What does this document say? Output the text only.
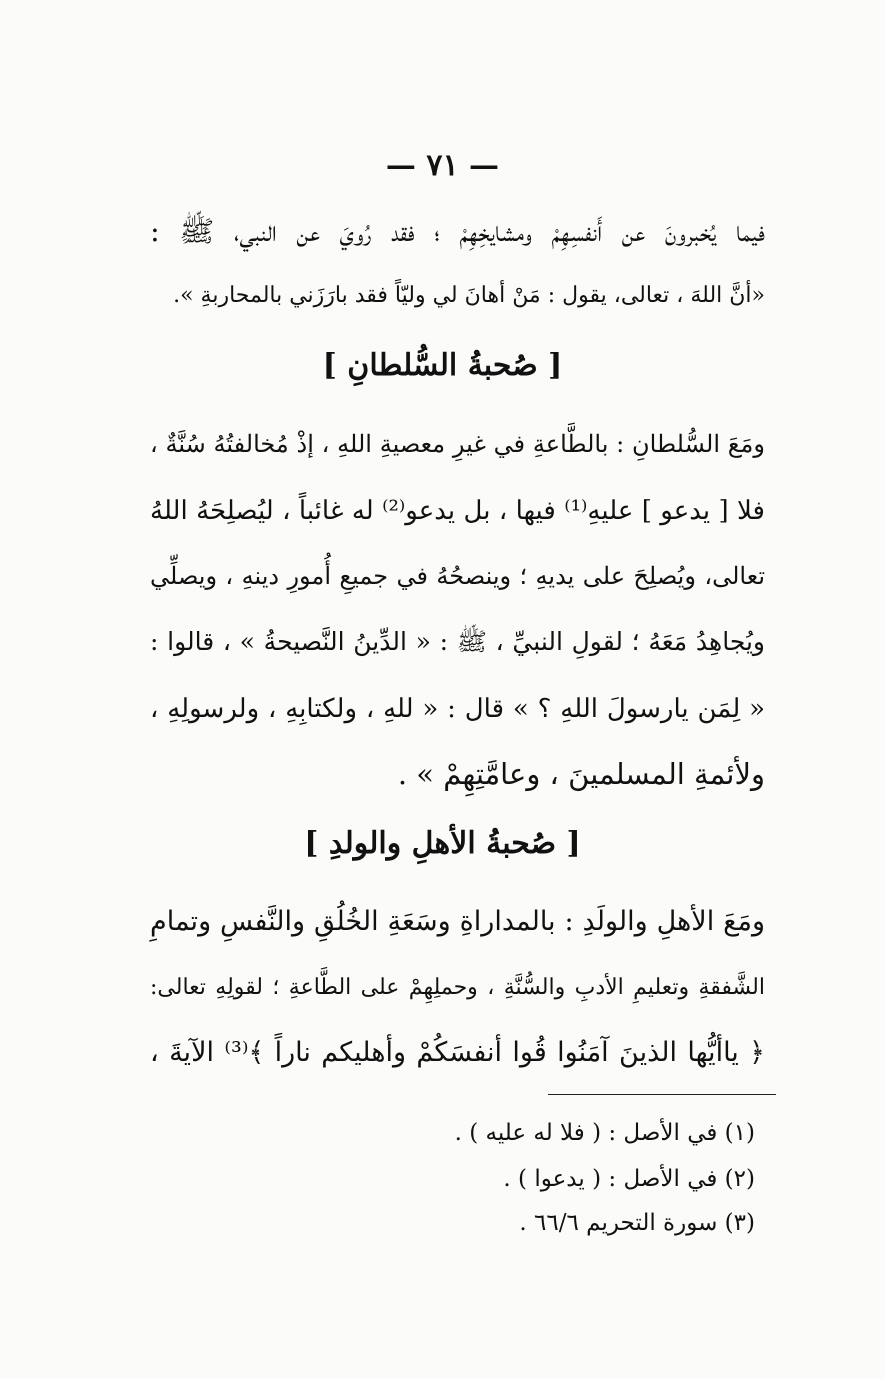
— ٧١ —
فيما يُخبرونَ عن أَنفسِهِمْ ومشايخِهِمْ ؛ فقد رُويَ عن النبي، ﷺ :
«أنَّ اللهَ ، تعالى، يقول : مَنْ أهانَ لي وليّاً فقد بارَزَني بالمحاربةِ ».
[ صُحبةُ السُّلطانِ ]
ومَعَ السُّلطانِ : بالطَّاعةِ في غيرِ معصيةِ اللهِ ، إذْ مُخالفتُهُ سُنَّةٌ ،
فلا [ يدعو ] عليهِ⁽¹⁾ فيها ، بل يدعو⁽²⁾ له غائباً ، ليُصلِحَهُ اللهُ
تعالى، ويُصلِحَ على يديهِ ؛ وينصحُهُ في جميعِ أُمورِ دينهِ ، ويصلِّي
ويُجاهِدُ مَعَهُ ؛ لقولِ النبيِّ ، ﷺ : « الدِّينُ النَّصيحةُ » ، قالوا :
« لِمَن يارسولَ اللهِ ؟ » قال : « للهِ ، ولكتابِهِ ، ولرسولِهِ ،
ولأئمةِ المسلمينَ ، وعامَّتِهِمْ » .
[ صُحبةُ الأهلِ والولدِ ]
ومَعَ الأهلِ والولَدِ : بالمداراةِ وسَعَةِ الخُلُقِ والنَّفسِ وتمامِ
الشَّفقةِ وتعليمِ الأدبِ والسُّنَّةِ ، وحملِهِمْ على الطَّاعةِ ؛ لقولِهِ تعالى:
﴿ ياأيُّها الذينَ آمَنُوا قُوا أنفسَكُمْ وأهليكم ناراً ﴾⁽³⁾ الآيةَ ،
(١) في الأصل : ( فلا له عليه ) .
(٢) في الأصل : ( يدعوا ) .
(٣) سورة التحريم ٦٦/٦ .
